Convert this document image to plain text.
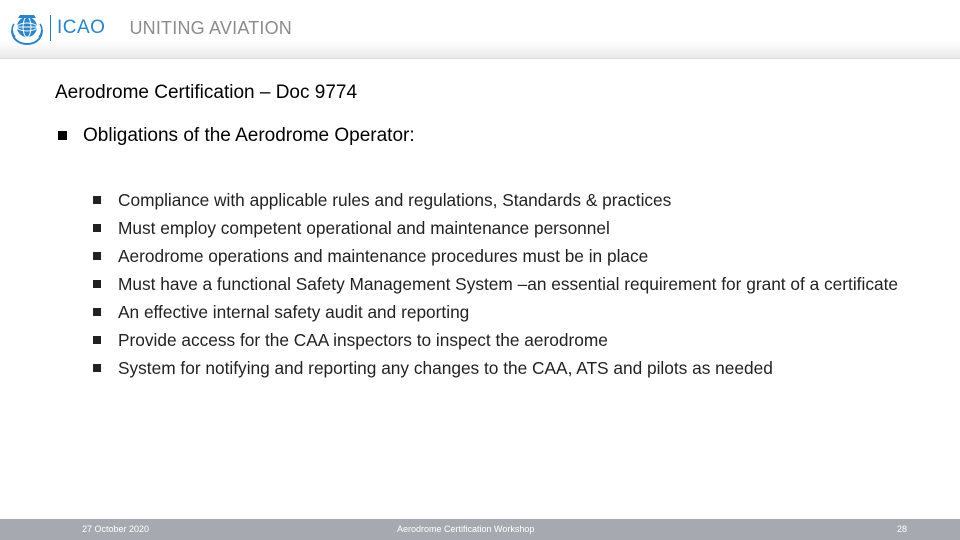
ICAO UNITING AVIATION
Aerodrome Certification – Doc 9774
Obligations of the Aerodrome Operator:
Compliance with applicable rules and regulations, Standards & practices
Must employ competent operational and maintenance personnel
Aerodrome operations and maintenance procedures must be in place
Must have a functional Safety Management System –an essential requirement for grant of a certificate
An effective internal safety audit and reporting
Provide access for the CAA inspectors to inspect the aerodrome
System for notifying and reporting any changes to the CAA, ATS and pilots as needed
27 October 2020	Aerodrome Certification Workshop	28
